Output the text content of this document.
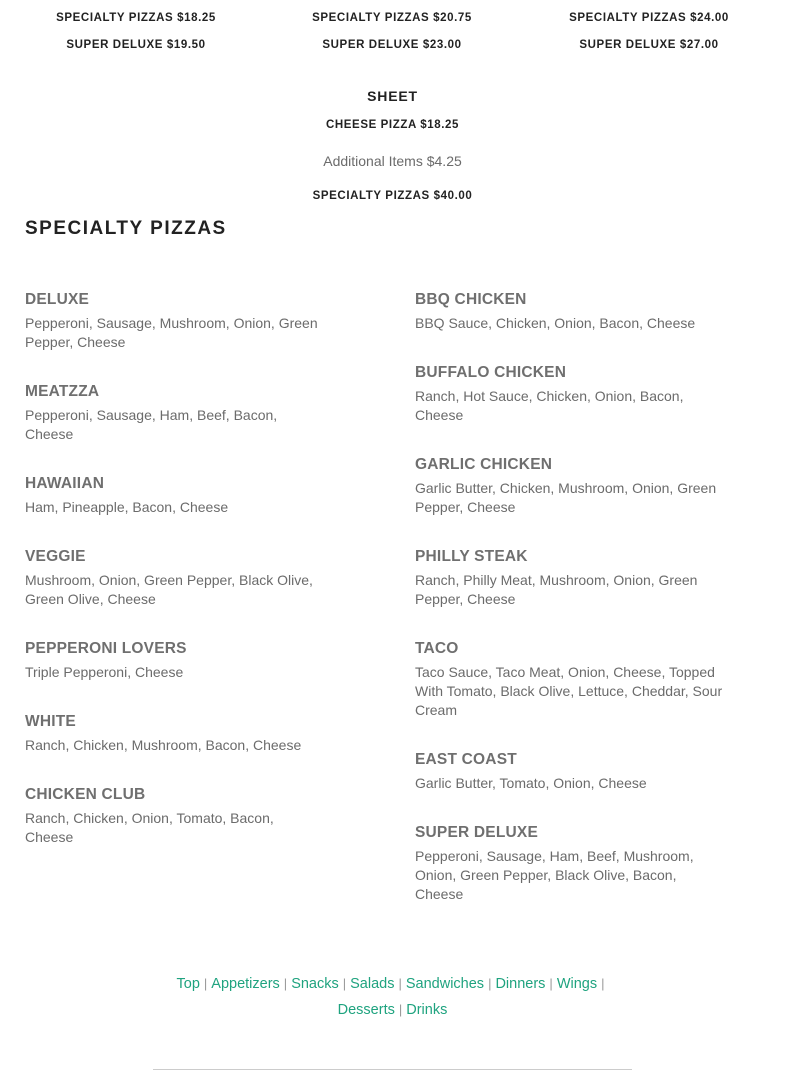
SPECIALTY PIZZAS $18.25
SUPER DELUXE $19.50
SPECIALTY PIZZAS $20.75
SUPER DELUXE $23.00
SPECIALTY PIZZAS $24.00
SUPER DELUXE $27.00
SHEET
CHEESE PIZZA $18.25
Additional Items $4.25
SPECIALTY PIZZAS $40.00
SPECIALTY PIZZAS
DELUXE
Pepperoni, Sausage, Mushroom, Onion, Green Pepper, Cheese
MEATZZA
Pepperoni, Sausage, Ham, Beef, Bacon, Cheese
HAWAIIAN
Ham, Pineapple, Bacon, Cheese
VEGGIE
Mushroom, Onion, Green Pepper, Black Olive, Green Olive, Cheese
PEPPERONI LOVERS
Triple Pepperoni, Cheese
WHITE
Ranch, Chicken, Mushroom, Bacon, Cheese
CHICKEN CLUB
Ranch, Chicken, Onion, Tomato, Bacon, Cheese
BBQ CHICKEN
BBQ Sauce, Chicken, Onion, Bacon, Cheese
BUFFALO CHICKEN
Ranch, Hot Sauce, Chicken, Onion, Bacon, Cheese
GARLIC CHICKEN
Garlic Butter, Chicken, Mushroom, Onion, Green Pepper, Cheese
PHILLY STEAK
Ranch, Philly Meat, Mushroom, Onion, Green Pepper, Cheese
TACO
Taco Sauce, Taco Meat, Onion, Cheese, Topped With Tomato, Black Olive, Lettuce, Cheddar, Sour Cream
EAST COAST
Garlic Butter, Tomato, Onion, Cheese
SUPER DELUXE
Pepperoni, Sausage, Ham, Beef, Mushroom, Onion, Green Pepper, Black Olive, Bacon, Cheese
Top | Appetizers | Snacks | Salads | Sandwiches | Dinners | Wings |
Desserts | Drinks
